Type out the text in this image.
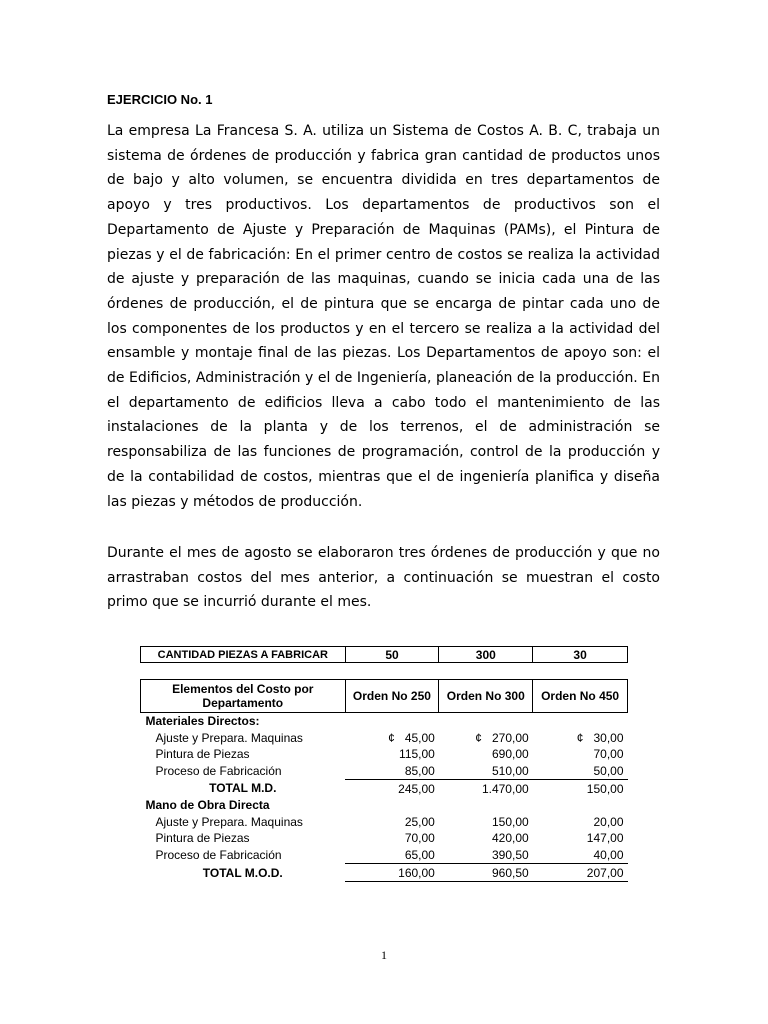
EJERCICIO No. 1

La empresa La Francesa S. A. utiliza un Sistema de Costos A. B. C, trabaja un sistema de órdenes de producción y fabrica gran cantidad de productos unos de bajo y alto volumen, se encuentra dividida en tres departamentos de apoyo y tres productivos. Los departamentos de productivos son el Departamento de Ajuste y Preparación de Maquinas (PAMs), el Pintura de piezas y el de fabricación: En el primer centro de costos se realiza la actividad de ajuste y preparación de las maquinas, cuando se inicia cada una de las órdenes de producción, el de pintura que se encarga de pintar cada uno de los componentes de los productos y en el tercero se realiza a la actividad del ensamble y montaje final de las piezas. Los Departamentos de apoyo son: el de Edificios, Administración y el de Ingeniería, planeación de la producción. En el departamento de edificios lleva a cabo todo el mantenimiento de las instalaciones de la planta y de los terrenos, el de administración se responsabiliza de las funciones de programación, control de la producción y de la contabilidad de costos, mientras que el de ingeniería planifica y diseña las piezas y métodos de producción.

Durante el mes de agosto se elaboraron tres órdenes de producción y que no arrastraban costos del mes anterior, a continuación se muestran el costo primo que se incurrió durante el mes.

CANTIDAD PIEZAS A FABRICAR	50	300	30
Elementos del Costo por Departamento	Orden No 250	Orden No 300	Orden No 450
Materiales Directos:			
Ajuste y Prepara. Maquinas	¢ 45,00	¢ 270,00	¢ 30,00
Pintura de Piezas	115,00	690,00	70,00
Proceso de Fabricación	85,00	510,00	50,00
TOTAL M.D.	245,00	1.470,00	150,00
Mano de Obra Directa			
Ajuste y Prepara. Maquinas	25,00	150,00	20,00
Pintura de Piezas	70,00	420,00	147,00
Proceso de Fabricación	65,00	390,50	40,00
TOTAL M.O.D.	160,00	960,50	207,00
1
